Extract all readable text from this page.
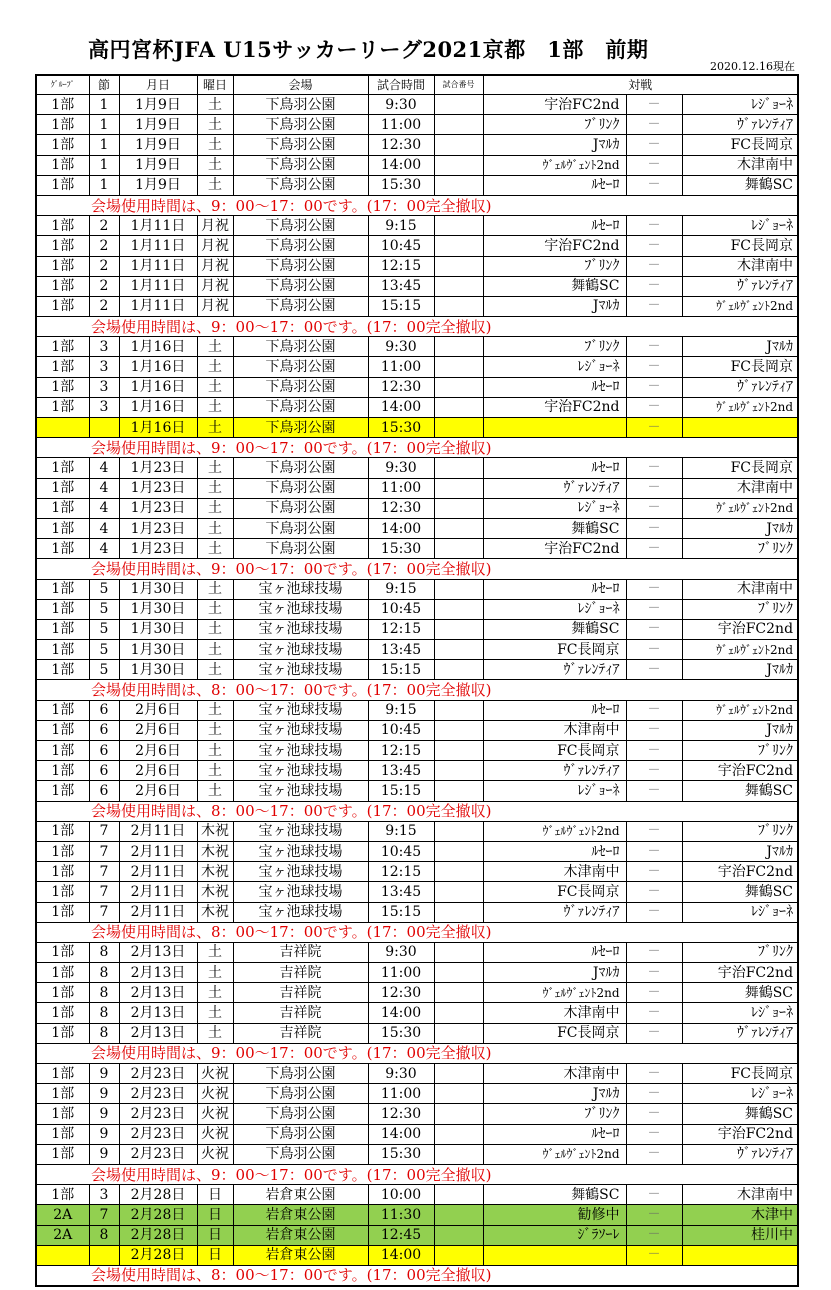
高円宮杯JFA U15サッカーリーグ2021京都　1部　前期
2020.12.16現在
ｸﾞﾙｰﾌﾟ	節	月日	曜日	会場	試合時間	試合番号	対戦		
1部	1	1月9日	土	下鳥羽公園	9:30		宇治FC2nd	－	ﾚｼﾞｮｰﾈ
1部	1	1月9日	土	下鳥羽公園	11:00		ﾌﾞﾘﾝｸ	－	ｳﾞｧﾚﾝﾃｨｱ
1部	1	1月9日	土	下鳥羽公園	12:30		Jﾏﾙｶ	－	FC長岡京
1部	1	1月9日	土	下鳥羽公園	14:00		ｳﾞｪﾙｳﾞｪﾝﾄ2nd	－	木津南中
1部	1	1月9日	土	下鳥羽公園	15:30		ﾙｾｰﾛ	－	舞鶴SC
会場使用時間は、9：00～17：00です。(17：00完全撤収)									
1部	2	1月11日	月祝	下鳥羽公園	9:15		ﾙｾｰﾛ	－	ﾚｼﾞｮｰﾈ
1部	2	1月11日	月祝	下鳥羽公園	10:45		宇治FC2nd	－	FC長岡京
1部	2	1月11日	月祝	下鳥羽公園	12:15		ﾌﾞﾘﾝｸ	－	木津南中
1部	2	1月11日	月祝	下鳥羽公園	13:45		舞鶴SC	－	ｳﾞｧﾚﾝﾃｨｱ
1部	2	1月11日	月祝	下鳥羽公園	15:15		Jﾏﾙｶ	－	ｳﾞｪﾙｳﾞｪﾝﾄ2nd
会場使用時間は、9：00～17：00です。(17：00完全撤収)									
1部	3	1月16日	土	下鳥羽公園	9:30		ﾌﾞﾘﾝｸ	－	Jﾏﾙｶ
1部	3	1月16日	土	下鳥羽公園	11:00		ﾚｼﾞｮｰﾈ	－	FC長岡京
1部	3	1月16日	土	下鳥羽公園	12:30		ﾙｾｰﾛ	－	ｳﾞｧﾚﾝﾃｨｱ
1部	3	1月16日	土	下鳥羽公園	14:00		宇治FC2nd	－	ｳﾞｪﾙｳﾞｪﾝﾄ2nd
		1月16日	土	下鳥羽公園	15:30			－	
会場使用時間は、9：00～17：00です。(17：00完全撤収)									
1部	4	1月23日	土	下鳥羽公園	9:30		ﾙｾｰﾛ	－	FC長岡京
1部	4	1月23日	土	下鳥羽公園	11:00		ｳﾞｧﾚﾝﾃｨｱ	－	木津南中
1部	4	1月23日	土	下鳥羽公園	12:30		ﾚｼﾞｮｰﾈ	－	ｳﾞｪﾙｳﾞｪﾝﾄ2nd
1部	4	1月23日	土	下鳥羽公園	14:00		舞鶴SC	－	Jﾏﾙｶ
1部	4	1月23日	土	下鳥羽公園	15:30		宇治FC2nd	－	ﾌﾞﾘﾝｸ
会場使用時間は、9：00～17：00です。(17：00完全撤収)									
1部	5	1月30日	土	宝ヶ池球技場	9:15		ﾙｾｰﾛ	－	木津南中
1部	5	1月30日	土	宝ヶ池球技場	10:45		ﾚｼﾞｮｰﾈ	－	ﾌﾞﾘﾝｸ
1部	5	1月30日	土	宝ヶ池球技場	12:15		舞鶴SC	－	宇治FC2nd
1部	5	1月30日	土	宝ヶ池球技場	13:45		FC長岡京	－	ｳﾞｪﾙｳﾞｪﾝﾄ2nd
1部	5	1月30日	土	宝ヶ池球技場	15:15		ｳﾞｧﾚﾝﾃｨｱ	－	Jﾏﾙｶ
会場使用時間は、8：00～17：00です。(17：00完全撤収)									
1部	6	2月6日	土	宝ヶ池球技場	9:15		ﾙｾｰﾛ	－	ｳﾞｪﾙｳﾞｪﾝﾄ2nd
1部	6	2月6日	土	宝ヶ池球技場	10:45		木津南中	－	Jﾏﾙｶ
1部	6	2月6日	土	宝ヶ池球技場	12:15		FC長岡京	－	ﾌﾞﾘﾝｸ
1部	6	2月6日	土	宝ヶ池球技場	13:45		ｳﾞｧﾚﾝﾃｨｱ	－	宇治FC2nd
1部	6	2月6日	土	宝ヶ池球技場	15:15		ﾚｼﾞｮｰﾈ	－	舞鶴SC
会場使用時間は、8：00～17：00です。(17：00完全撤収)									
1部	7	2月11日	木祝	宝ヶ池球技場	9:15		ｳﾞｪﾙｳﾞｪﾝﾄ2nd	－	ﾌﾞﾘﾝｸ
1部	7	2月11日	木祝	宝ヶ池球技場	10:45		ﾙｾｰﾛ	－	Jﾏﾙｶ
1部	7	2月11日	木祝	宝ヶ池球技場	12:15		木津南中	－	宇治FC2nd
1部	7	2月11日	木祝	宝ヶ池球技場	13:45		FC長岡京	－	舞鶴SC
1部	7	2月11日	木祝	宝ヶ池球技場	15:15		ｳﾞｧﾚﾝﾃｨｱ	－	ﾚｼﾞｮｰﾈ
会場使用時間は、8：00～17：00です。(17：00完全撤収)									
1部	8	2月13日	土	吉祥院	9:30		ﾙｾｰﾛ	－	ﾌﾞﾘﾝｸ
1部	8	2月13日	土	吉祥院	11:00		Jﾏﾙｶ	－	宇治FC2nd
1部	8	2月13日	土	吉祥院	12:30		ｳﾞｪﾙｳﾞｪﾝﾄ2nd	－	舞鶴SC
1部	8	2月13日	土	吉祥院	14:00		木津南中	－	ﾚｼﾞｮｰﾈ
1部	8	2月13日	土	吉祥院	15:30		FC長岡京	－	ｳﾞｧﾚﾝﾃｨｱ
会場使用時間は、9：00～17：00です。(17：00完全撤収)									
1部	9	2月23日	火祝	下鳥羽公園	9:30		木津南中	－	FC長岡京
1部	9	2月23日	火祝	下鳥羽公園	11:00		Jﾏﾙｶ	－	ﾚｼﾞｮｰﾈ
1部	9	2月23日	火祝	下鳥羽公園	12:30		ﾌﾞﾘﾝｸ	－	舞鶴SC
1部	9	2月23日	火祝	下鳥羽公園	14:00		ﾙｾｰﾛ	－	宇治FC2nd
1部	9	2月23日	火祝	下鳥羽公園	15:30		ｳﾞｪﾙｳﾞｪﾝﾄ2nd	－	ｳﾞｧﾚﾝﾃｨｱ
会場使用時間は、9：00～17：00です。(17：00完全撤収)									
1部	3	2月28日	日	岩倉東公園	10:00		舞鶴SC	－	木津南中
2A	7	2月28日	日	岩倉東公園	11:30		勧修中	－	木津中
2A	8	2月28日	日	岩倉東公園	12:45		ｼﾞﾗｿｰﾚ	－	桂川中
		2月28日	日	岩倉東公園	14:00			－	
会場使用時間は、8：00～17：00です。(17：00完全撤収)									
